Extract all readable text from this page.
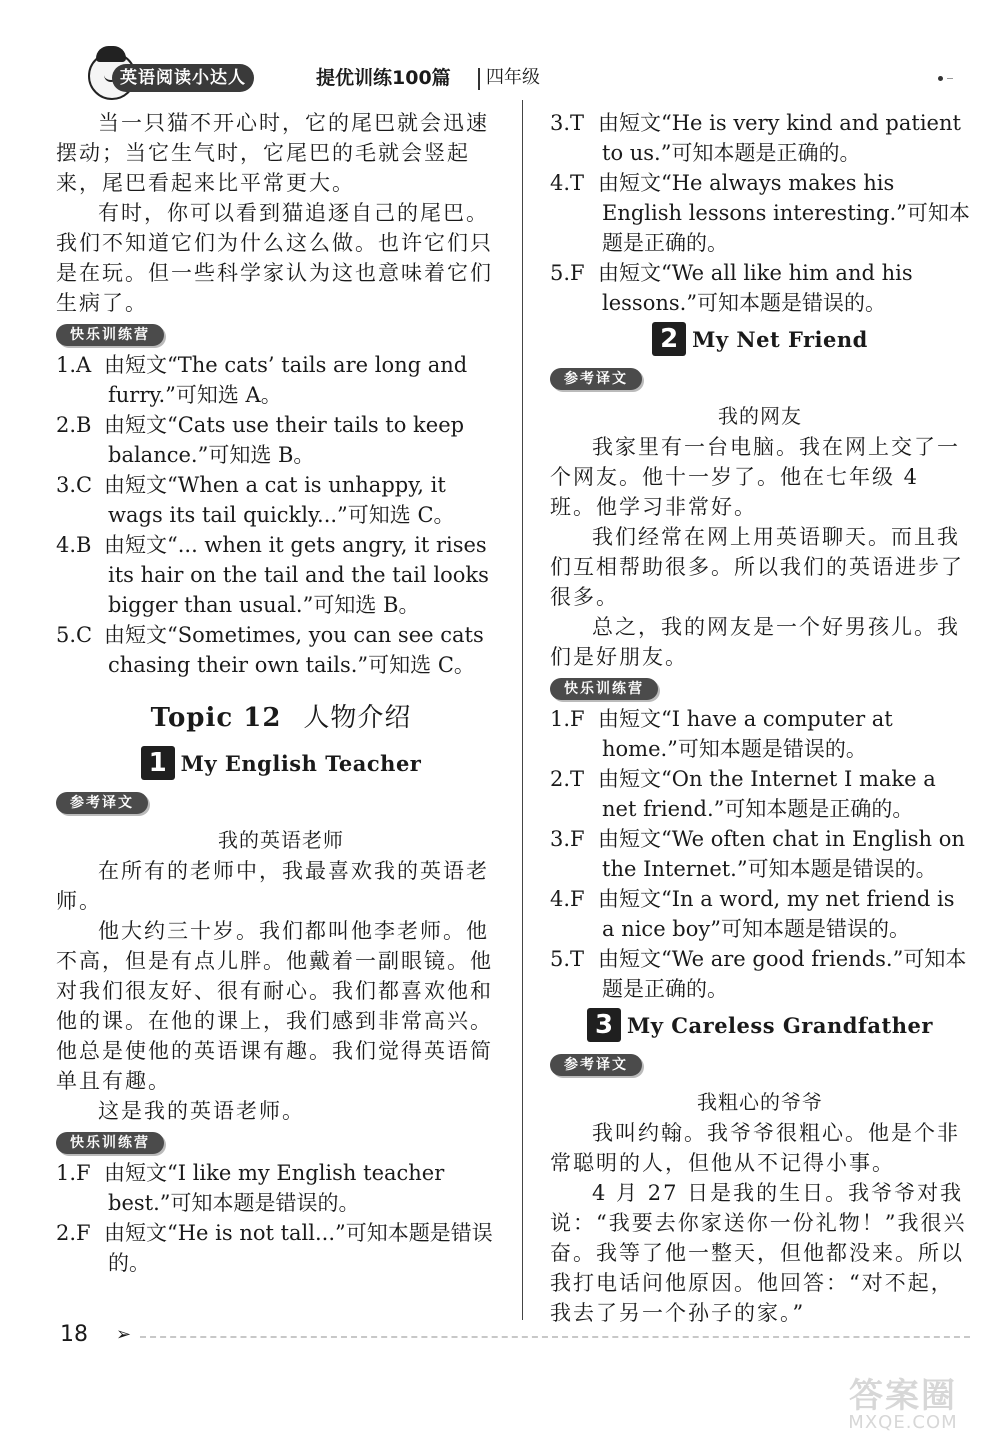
英语阅读小达人	提优训练100篇 四年级

当一只猫不开心时，它的尾巴就会迅速摆动；当它生气时，它尾巴的毛就会竖起来，尾巴看起来比平常更大。

有时，你可以看到猫追逐自己的尾巴。我们不知道它们为什么这么做。也许它们只是在玩。但一些科学家认为这也意味着它们生病了。

快乐训练营

1.A 由短文“The cats’ tails are long and furry.”可知选 A。

2.B 由短文“Cats use their tails to keep balance.”可知选 B。

3.C 由短文“When a cat is unhappy, it wags its tail quickly...”可知选 C。

4.B 由短文“... when it gets angry, it rises its hair on the tail and the tail looks bigger than usual.”可知选 B。

5.C 由短文“Sometimes, you can see cats chasing their own tails.”可知选 C。

Topic 12 人物介绍
1 My English Teacher
参考译文
我的英语老师

在所有的老师中，我最喜欢我的英语老师。

他大约三十岁。我们都叫他李老师。他不高，但是有点儿胖。他戴着一副眼镜。他对我们很友好、很有耐心。我们都喜欢他和他的课。在他的课上，我们感到非常高兴。他总是使他的英语课有趣。我们觉得英语简单且有趣。

这是我的英语老师。

快乐训练营

1.F 由短文“I like my English teacher best.”可知本题是错误的。

2.F 由短文“He is not tall...”可知本题是错误的。

3.T 由短文“He is very kind and patient to us.”可知本题是正确的。

4.T 由短文“He always makes his English lessons interesting.”可知本题是正确的。

5.F 由短文“We all like him and his lessons.”可知本题是错误的。

2 My Net Friend
参考译文
我的网友

我家里有一台电脑。我在网上交了一个网友。他十一岁了。他在七年级 4 班。他学习非常好。

我们经常在网上用英语聊天。而且我们互相帮助很多。所以我们的英语进步了很多。

总之，我的网友是一个好男孩儿。我们是好朋友。

快乐训练营

1.F 由短文“I have a computer at home.”可知本题是错误的。

2.T 由短文“On the Internet I make a net friend.”可知本题是正确的。

3.F 由短文“We often chat in English on the Internet.”可知本题是错误的。

4.F 由短文“In a word, my net friend is a nice boy”可知本题是错误的。

5.T 由短文“We are good friends.”可知本题是正确的。

3 My Careless Grandfather
参考译文
我粗心的爷爷

我叫约翰。我爷爷很粗心。他是个非常聪明的人，但他从不记得小事。

4 月 27 日是我的生日。我爷爷对我说：“我要去你家送你一份礼物！”我很兴奋。我等了他一整天，但他都没来。所以我打电话问他原因。他回答：“对不起，我去了另一个孙子的家。”

18 ➢
答案圈
MXQE.COM
